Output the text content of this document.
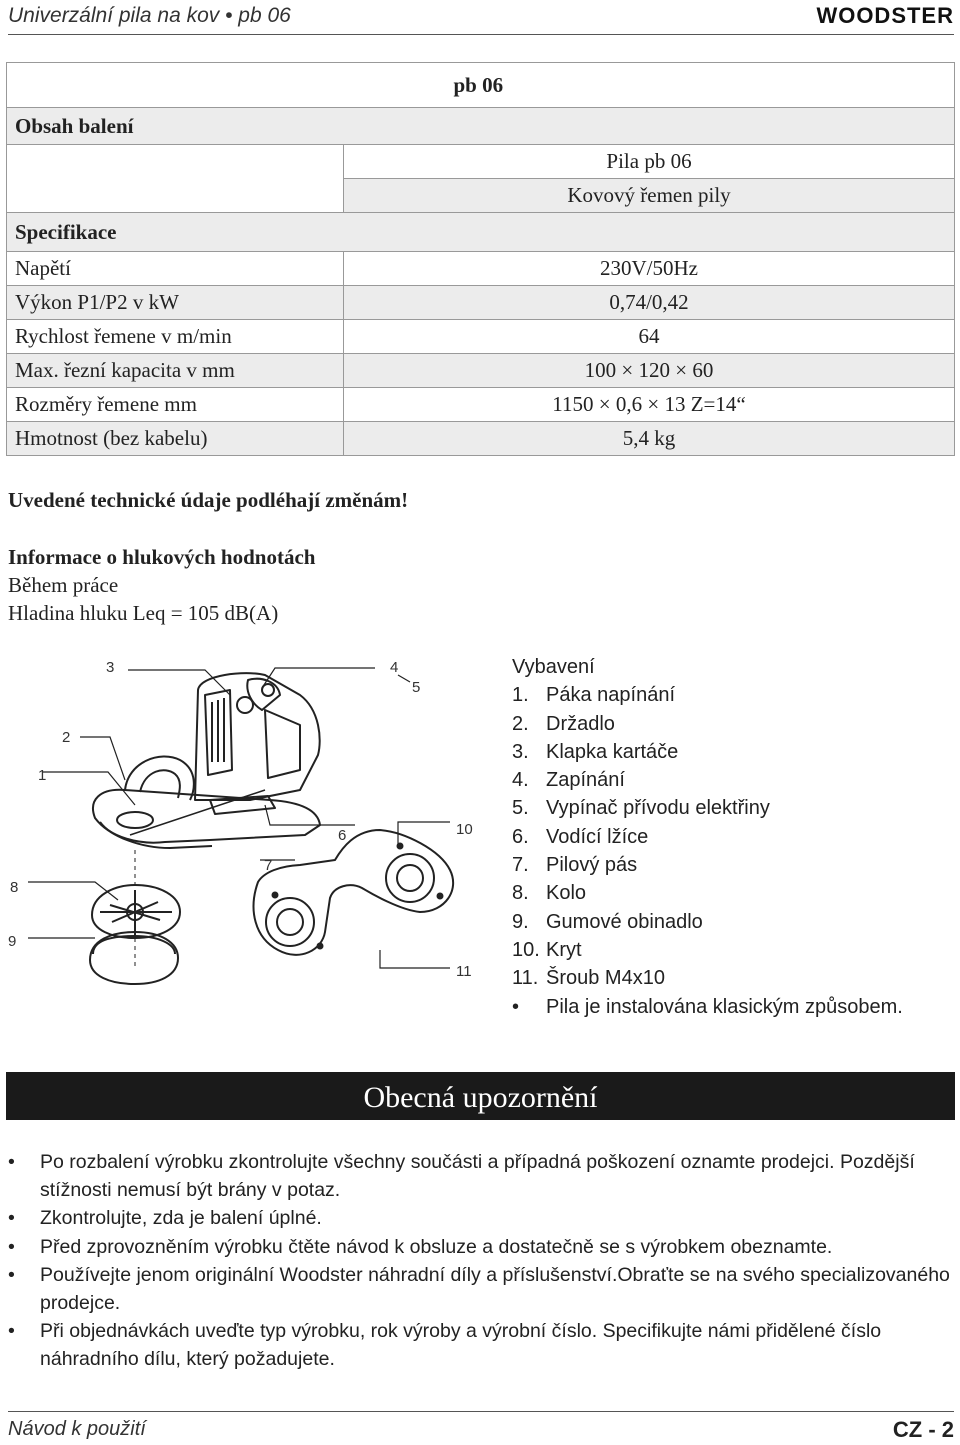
Univerzální pila na kov • pb 06	WOODSTER
	pb 06
Obsah balení	
	Pila pb 06
	Kovový řemen pily
Specifikace	
Napětí	230V/50Hz
Výkon P1/P2 v kW	0,74/0,42
Rychlost řemene v m/min	64
Max. řezní kapacita v mm	100 × 120 × 60
Rozměry řemene mm	1150 × 0,6 × 13 Z=14“
Hmotnost (bez kabelu)	5,4 kg
Uvedené technické údaje podléhají změnám!
Informace o hlukových hodnotách
Během práce
Hladina hluku Leq = 105 dB(A)
1
2
3	4
5
6
7
8
9
10
11
Vybavení
1. Páka napínání
2. Držadlo
3. Klapka kartáče
4. Zapínání
5. Vypínač přívodu elektřiny
6. Vodící lžíce
7. Pilový pás
8. Kolo
9. Gumové obinadlo
10. Kryt
11. Šroub M4x10
• Pila je instalována klasickým způsobem.
Obecná upozornění
• Po rozbalení výrobku zkontrolujte všechny součásti a případná poškození oznamte prodejci. Pozdější stížnosti nemusí být brány v potaz.
• Zkontrolujte, zda je balení úplné.
• Před zprovozněním výrobku čtěte návod k obsluze a dostatečně se s výrobkem obeznamte.
• Používejte jenom originální Woodster náhradní díly a příslušenství.Obraťte se na svého specializovaného prodejce.
• Při objednávkách uveďte typ výrobku, rok výroby a výrobní číslo. Specifikujte námi přidělené číslo náhradního dílu, který požadujete.
Návod k použití	CZ - 2
